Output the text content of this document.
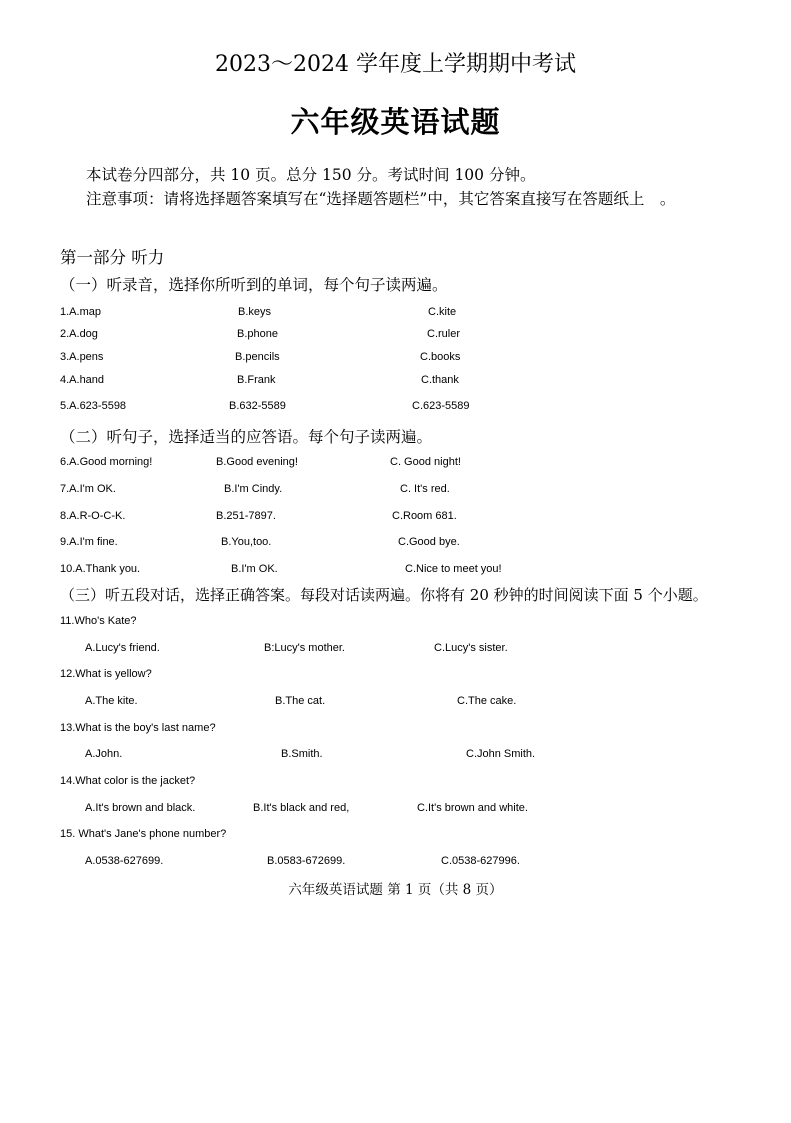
2023～2024 学年度上学期期中考试
六年级英语试题
本试卷分四部分，共 10 页。总分 150 分。考试时间 100 分钟。
注意事项：请将选择题答案填写在“选择题答题栏”中，其它答案直接写在答题纸上　。
第一部分 听力
（一）听录音，选择你所听到的单词，每个句子读两遍。
1.A.map	B.keys	C.kite
2.A.dog	B.phone	C.ruler
3.A.pens	B.pencils	C.books
4.A.hand	B.Frank	C.thank
5.A.623-5598	B.632-5589	C.623-5589
（二）听句子，选择适当的应答语。每个句子读两遍。
6.A.Good morning!	B.Good evening!	C. Good night!
7.A.I'm OK.	B.I'm Cindy.	C. It's red.
8.A.R-O-C-K.	B.251-7897.	C.Room 681.
9.A.I'm fine.	B.You,too.	C.Good bye.
10.A.Thank you.	B.I'm OK.	C.Nice to meet you!
（三）听五段对话，选择正确答案。每段对话读两遍。你将有 20 秒钟的时间阅读下面 5 个小题。
11.Who's Kate?
A.Lucy's friend.	B:Lucy's mother.	C.Lucy's sister.
12.What is yellow?
A.The kite.	B.The cat.	C.The cake.
13.What is the boy's last name?
A.John.	B.Smith.	C.John Smith.
14.What color is the jacket?
A.It's brown and black.	B.It's black and red,	C.It's brown and white.
15. What's Jane's phone number?
A.0538-627699.	B.0583-672699.	C.0538-627996.
六年级英语试题 第 1 页（共 8 页）
